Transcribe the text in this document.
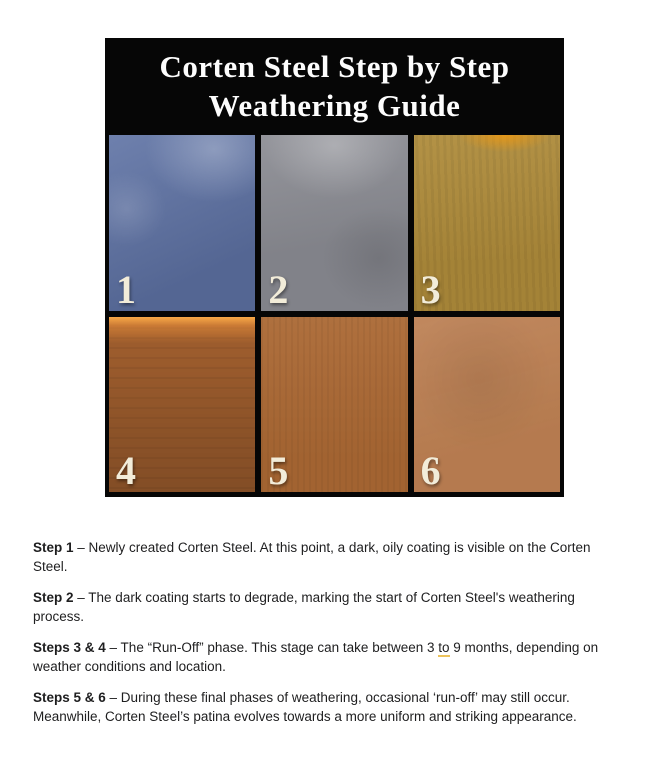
Corten Steel Step by Step
Weathering Guide
1	2	3
4	5	6

Step 1 – Newly created Corten Steel. At this point, a dark, oily coating is visible on the Corten Steel.

Step 2 – The dark coating starts to degrade, marking the start of Corten Steel's weathering process.

Steps 3 & 4 – The “Run-Off” phase. This stage can take between 3 to 9 months, depending on weather conditions and location.

Steps 5 & 6 – During these final phases of weathering, occasional ‘run-off’ may still occur. Meanwhile, Corten Steel’s patina evolves towards a more uniform and striking appearance.
